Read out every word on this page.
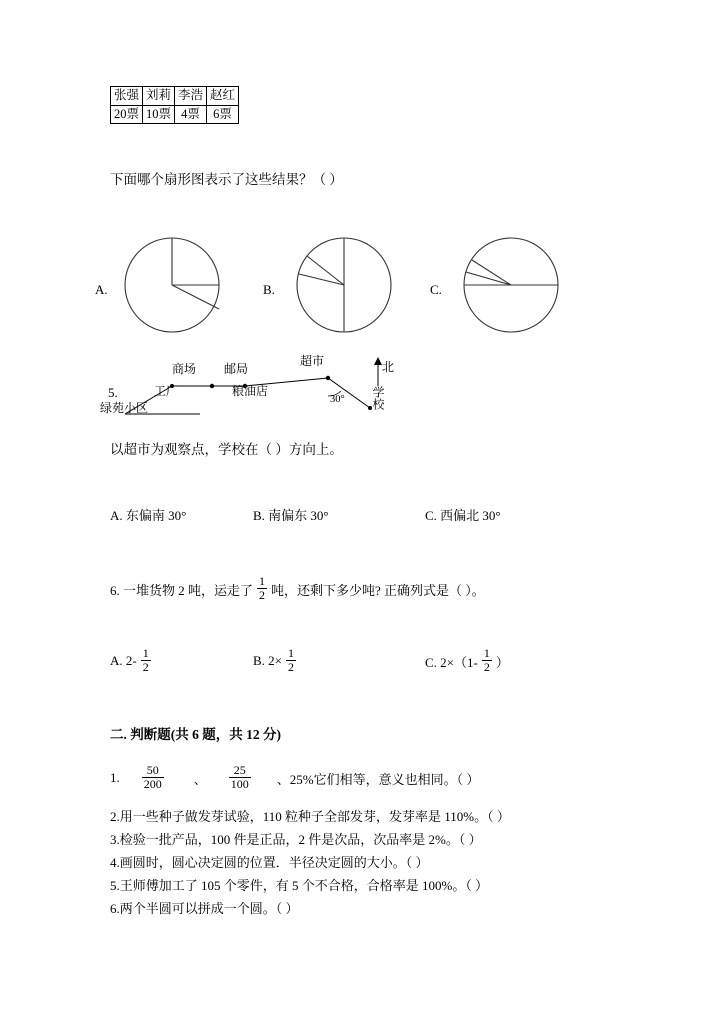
张强	刘莉	李浩	赵红
20票	10票	4票	6票
下面哪个扇形图表示了这些结果？（ ）
A.	B.	C.
5.
商场 邮局
超市	北
工厂	粮油店
绿苑小区	学校
30°
以超市为观察点，学校在（ ）方向上。
A. 东偏南 30°	B. 南偏东 30°	C. 西偏北 30°
6. 一堆货物 2 吨，运走了 $\frac{1}{2}$ 吨，还剩下多少吨? 正确列式是（ ）。
A. $2- \frac{1}{2}$	B. $2\times \frac{1}{2}$	C. $2\times(1- \frac{1}{2}$ ）
二. 判断题(共 6 题，共 12 分)
1. $\frac{50}{200}$ 、 $\frac{25}{100}$ 、25%它们相等，意义也相同。（ ）
2.用一些种子做发芽试验，110 粒种子全部发芽，发芽率是 110%。（ ）
3.检验一批产品，100 件是正品，2 件是次品，次品率是 2%。（ ）
4.画圆时，圆心决定圆的位置．半径决定圆的大小。（ ）
5.王师傅加工了 105 个零件，有 5 个不合格，合格率是 100%。（ ）
6.两个半圆可以拼成一个圆。（ ）
